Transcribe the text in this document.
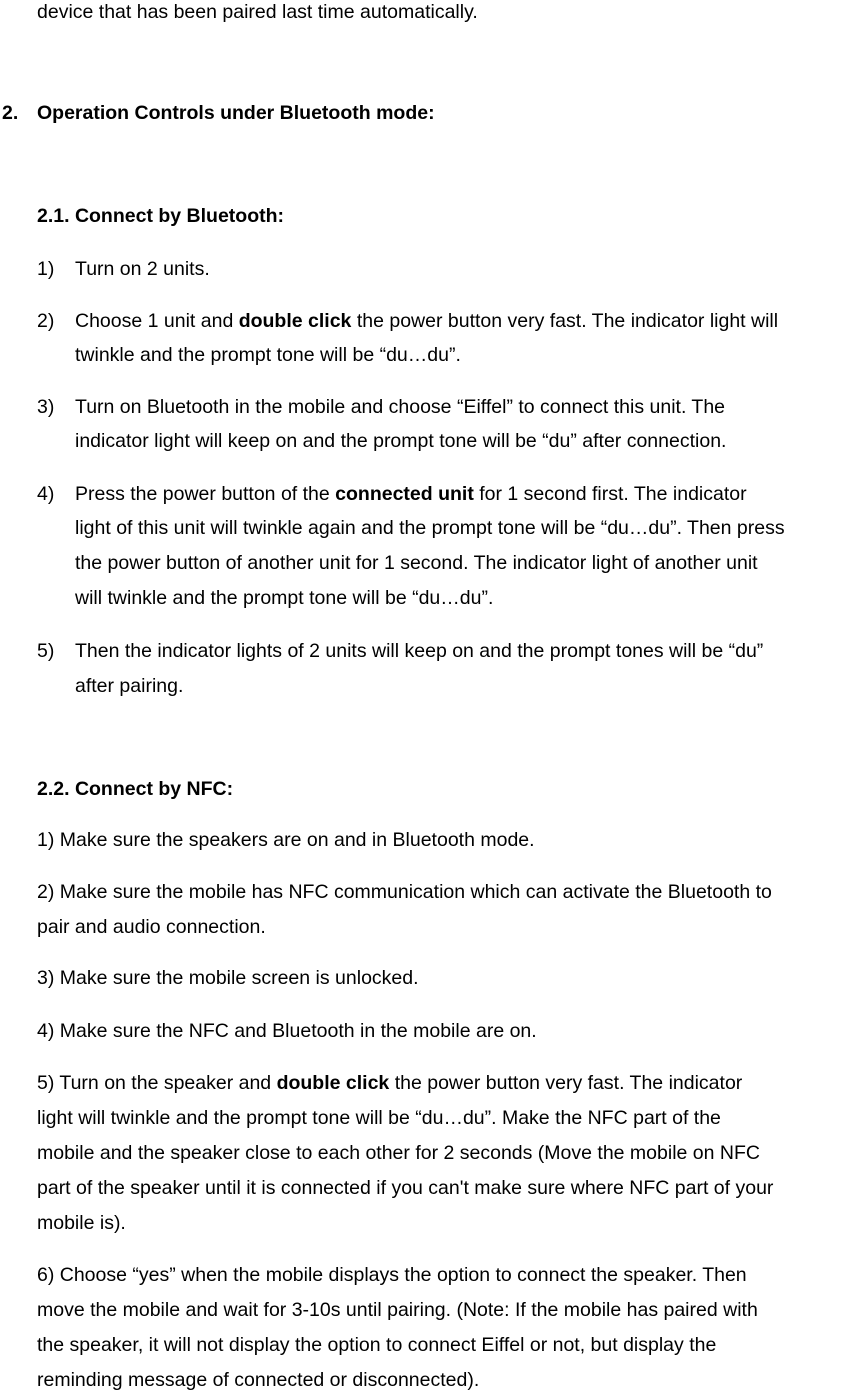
device that has been paired last time automatically.
2. Operation Controls under Bluetooth mode:
2.1. Connect by Bluetooth:
1) Turn on 2 units.
2) Choose 1 unit and double click the power button very fast. The indicator light will
twinkle and the prompt tone will be “du…du”.
3) Turn on Bluetooth in the mobile and choose “Eiffel” to connect this unit. The
indicator light will keep on and the prompt tone will be “du” after connection.
4) Press the power button of the connected unit for 1 second first. The indicator
light of this unit will twinkle again and the prompt tone will be “du…du”. Then press
the power button of another unit for 1 second. The indicator light of another unit
will twinkle and the prompt tone will be “du…du”.
5) Then the indicator lights of 2 units will keep on and the prompt tones will be “du”
after pairing.
2.2. Connect by NFC:
1) Make sure the speakers are on and in Bluetooth mode.
2) Make sure the mobile has NFC communication which can activate the Bluetooth to
pair and audio connection.
3) Make sure the mobile screen is unlocked.
4) Make sure the NFC and Bluetooth in the mobile are on.
5) Turn on the speaker and double click the power button very fast. The indicator
light will twinkle and the prompt tone will be “du…du”. Make the NFC part of the
mobile and the speaker close to each other for 2 seconds (Move the mobile on NFC
part of the speaker until it is connected if you can't make sure where NFC part of your
mobile is).
6) Choose “yes” when the mobile displays the option to connect the speaker. Then
move the mobile and wait for 3-10s until pairing. (Note: If the mobile has paired with
the speaker, it will not display the option to connect Eiffel or not, but display the
reminding message of connected or disconnected).
